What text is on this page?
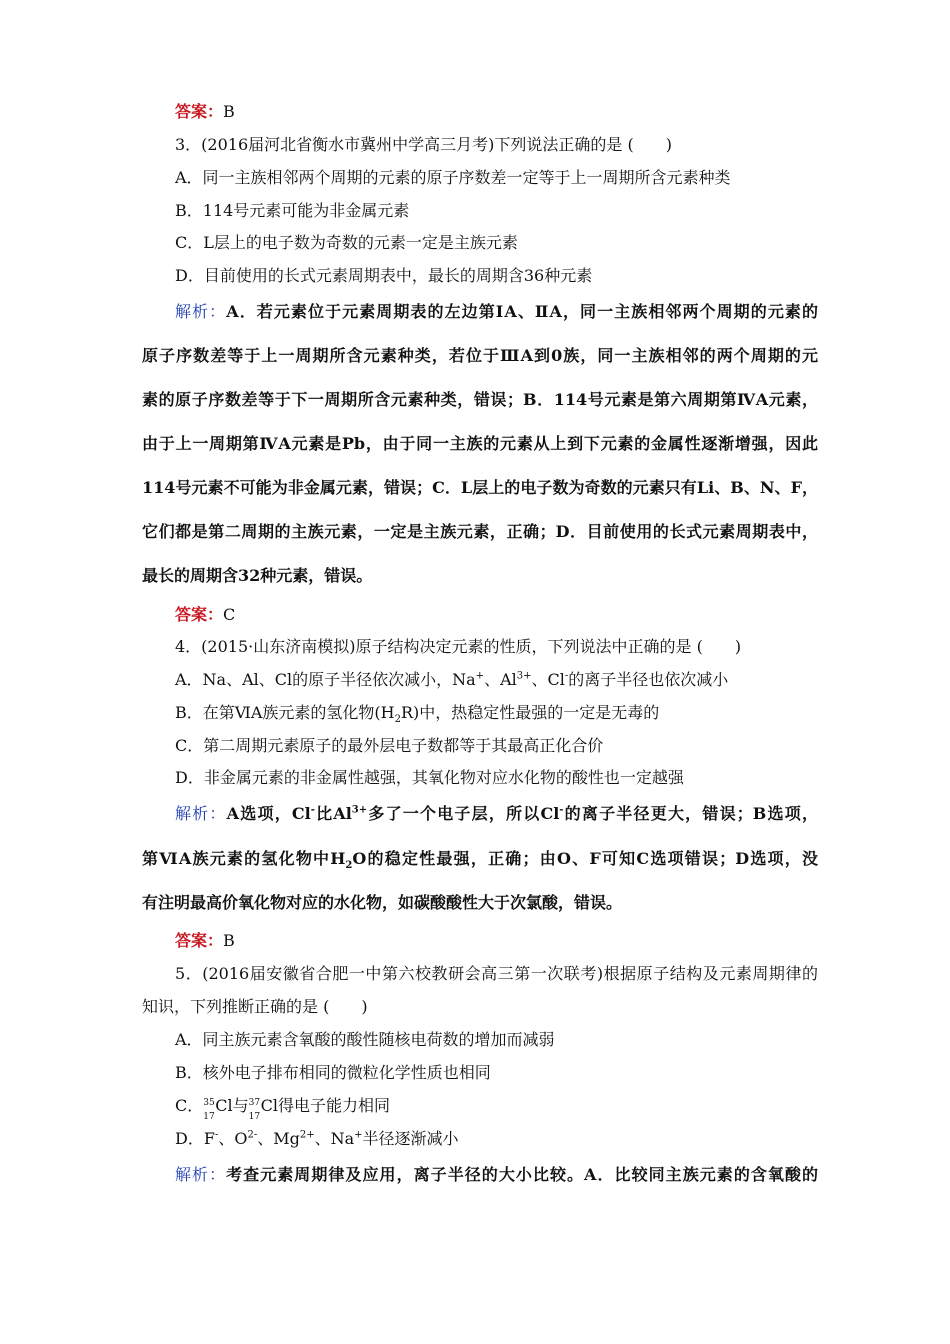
答案：B
3．(2016届河北省衡水市冀州中学高三月考)下列说法正确的是 (　　)
A．同一主族相邻两个周期的元素的原子序数差一定等于上一周期所含元素种类
B．114号元素可能为非金属元素
C．L层上的电子数为奇数的元素一定是主族元素
D．目前使用的长式元素周期表中，最长的周期含36种元素
解析：A．若元素位于元素周期表的左边第ⅠA、ⅡA，同一主族相邻两个周期的元素的
原子序数差等于上一周期所含元素种类，若位于ⅢA到0族，同一主族相邻的两个周期的元
素的原子序数差等于下一周期所含元素种类，错误；B．114号元素是第六周期第ⅣA元素，
由于上一周期第ⅣA元素是Pb，由于同一主族的元素从上到下元素的金属性逐渐增强，因此
114号元素不可能为非金属元素，错误；C．L层上的电子数为奇数的元素只有Li、B、N、F，
它们都是第二周期的主族元素，一定是主族元素，正确；D．目前使用的长式元素周期表中，
最长的周期含32种元素，错误。
答案：C
4．(2015·山东济南模拟)原子结构决定元素的性质，下列说法中正确的是 (　　)
A．Na、Al、Cl的原子半径依次减小，Na+、$Al^{3+}$、Cl-的离子半径也依次减小
B．在第ⅥA族元素的氢化物$(H_2R)$中，热稳定性最强的一定是无毒的
C．第二周期元素原子的最外层电子数都等于其最高正化合价
D．非金属元素的非金属性越强，其氧化物对应水化物的酸性也一定越强
解析：A选项，Cl-比$Al^{3+}$多了一个电子层，所以Cl-的离子半径更大，错误；B选项，
第ⅥA族元素的氢化物中$H_2O$的稳定性最强，正确；由O、F可知C选项错误；D选项，没
有注明最高价氧化物对应的水化物，如碳酸酸性大于次氯酸，错误。
答案：B
5．(2016届安徽省合肥一中第六校教研会高三第一次联考)根据原子结构及元素周期律的
知识，下列推断正确的是 (　　)
A．同主族元素含氧酸的酸性随核电荷数的增加而减弱
B．核外电子排布相同的微粒化学性质也相同
C． 35
17
Cl与 37
17
Cl得电子能力相同
D．F-、$O^{2-}$、$Mg^{2+}$、Na+半径逐渐减小
解析：考查元素周期律及应用，离子半径的大小比较。A．比较同主族元素的含氧酸的
